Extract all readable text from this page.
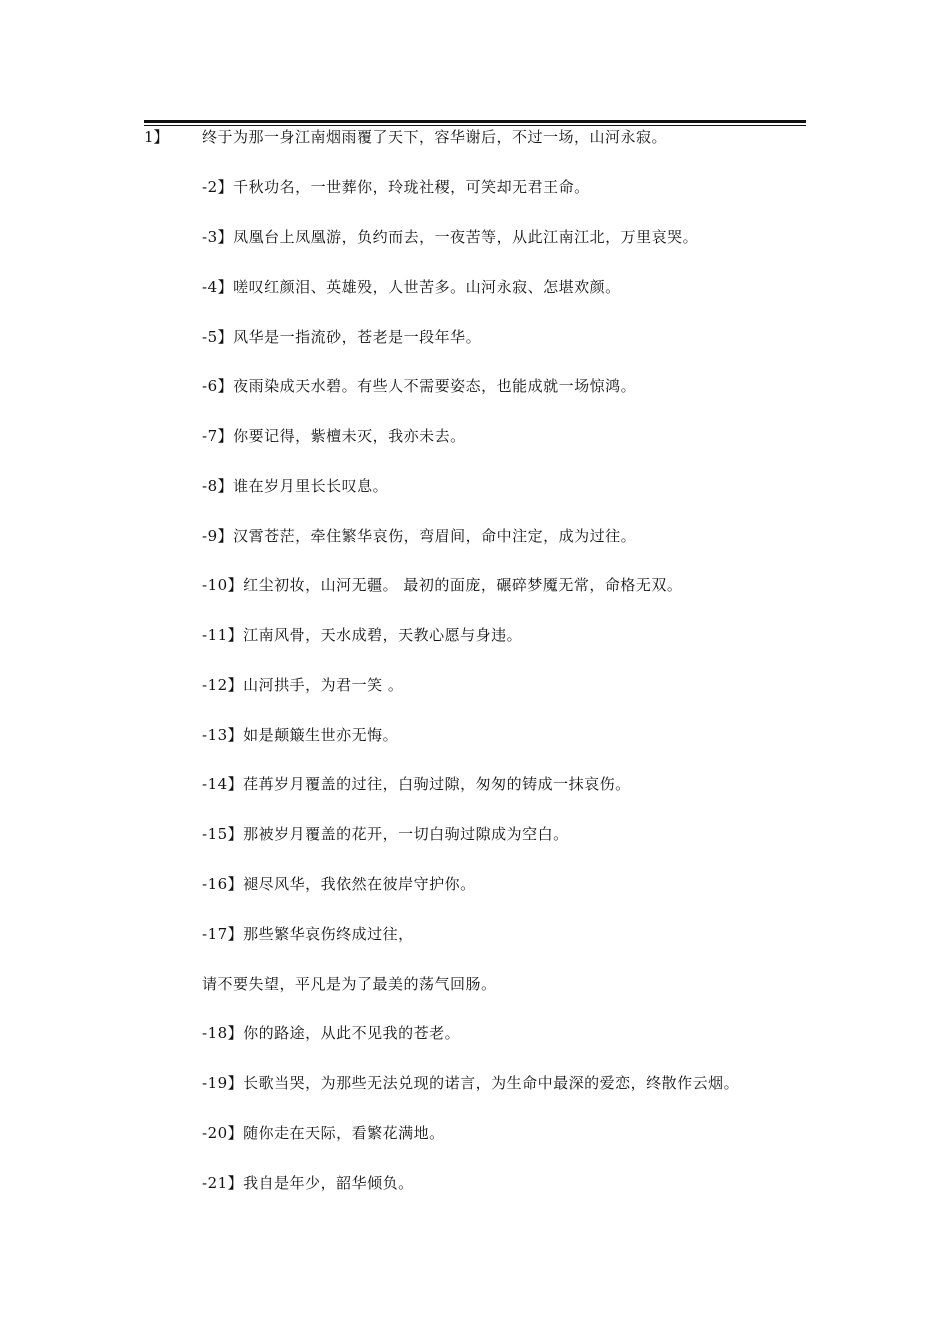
1】 终于为那一身江南烟雨覆了天下，容华谢后，不过一场，山河永寂。
-2】千秋功名，一世葬你，玲珑社稷，可笑却无君王命。
-3】凤凰台上凤凰游，负约而去，一夜苦等，从此江南江北，万里哀哭。
-4】嗟叹红颜泪、英雄殁，人世苦多。山河永寂、怎堪欢颜。
-5】风华是一指流砂，苍老是一段年华。
-6】夜雨染成天水碧。有些人不需要姿态，也能成就一场惊鸿。
-7】你要记得，紫檀未灭，我亦未去。
-8】谁在岁月里长长叹息。
-9】汉霄苍茫，牵住繁华哀伤，弯眉间，命中注定，成为过往。
-10】红尘初妆，山河无疆。 最初的面庞，碾碎梦魇无常，命格无双。
-11】江南风骨，天水成碧，天教心愿与身违。
-12】山河拱手，为君一笑 。
-13】如是颠簸生世亦无悔。
-14】荏苒岁月覆盖的过往，白驹过隙，匆匆的铸成一抹哀伤。
-15】那被岁月覆盖的花开，一切白驹过隙成为空白。
-16】褪尽风华，我依然在彼岸守护你。
-17】那些繁华哀伤终成过往，
请不要失望，平凡是为了最美的荡气回肠。
-18】你的路途，从此不见我的苍老。
-19】长歌当哭，为那些无法兑现的诺言，为生命中最深的爱恋，终散作云烟。
-20】随你走在天际，看繁花满地。
-21】我自是年少，韶华倾负。
